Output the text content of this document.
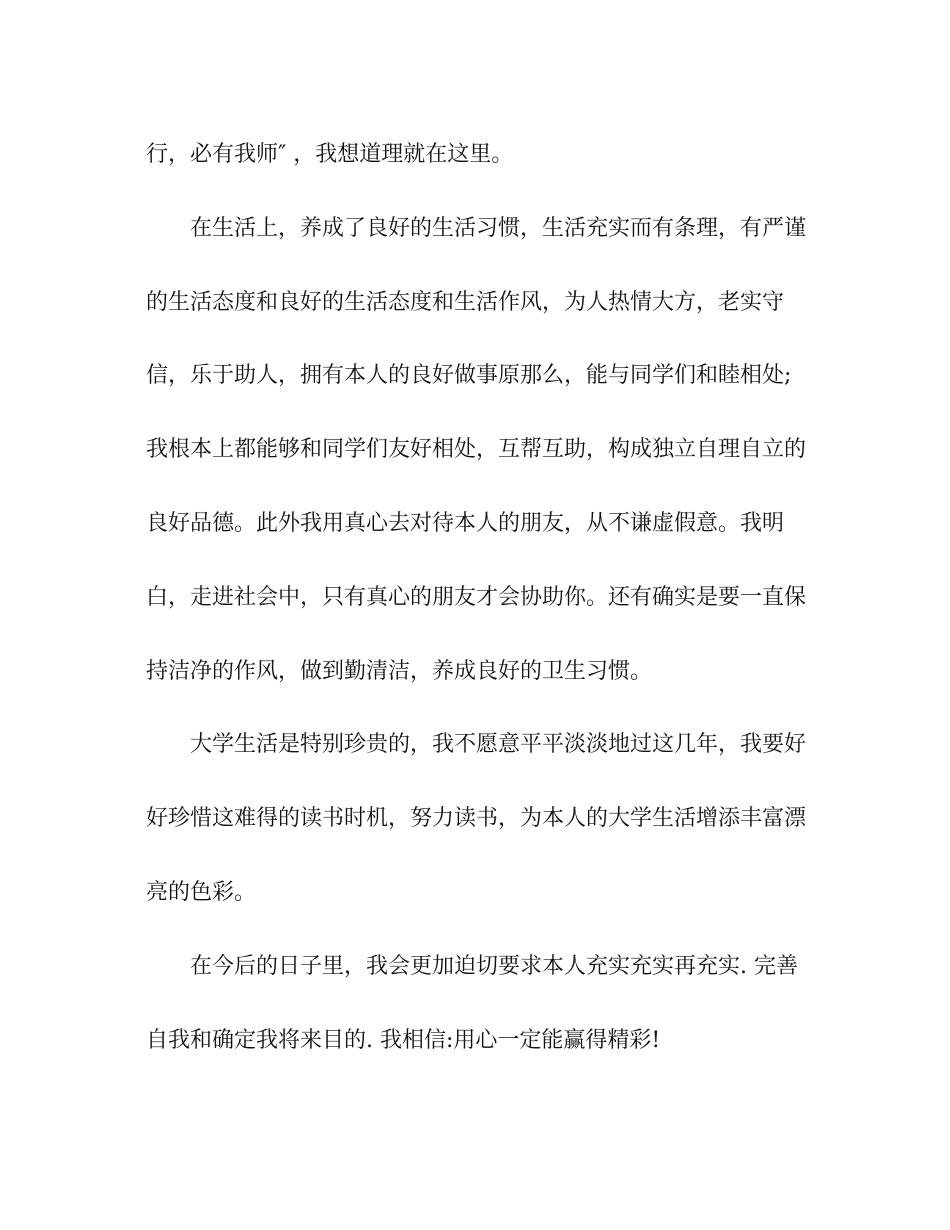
行，必有我师″ ，我想道理就在这里。
在生活上，养成了良好的生活习惯，生活充实而有条理，有严谨
的生活态度和良好的生活态度和生活作风，为人热情大方，老实守
信，乐于助人，拥有本人的良好做事原那么，能与同学们和睦相处;
我根本上都能够和同学们友好相处，互帮互助，构成独立自理自立的
良好品德。此外我用真心去对待本人的朋友，从不谦虚假意。我明
白，走进社会中，只有真心的朋友才会协助你。还有确实是要一直保
持洁净的作风，做到勤清洁，养成良好的卫生习惯。
大学生活是特别珍贵的，我不愿意平平淡淡地过这几年，我要好
好珍惜这难得的读书时机，努力读书，为本人的大学生活增添丰富漂
亮的色彩。
在今后的日子里，我会更加迫切要求本人充实充实再充实. 完善
自我和确定我将来目的. 我相信:用心一定能赢得精彩!
